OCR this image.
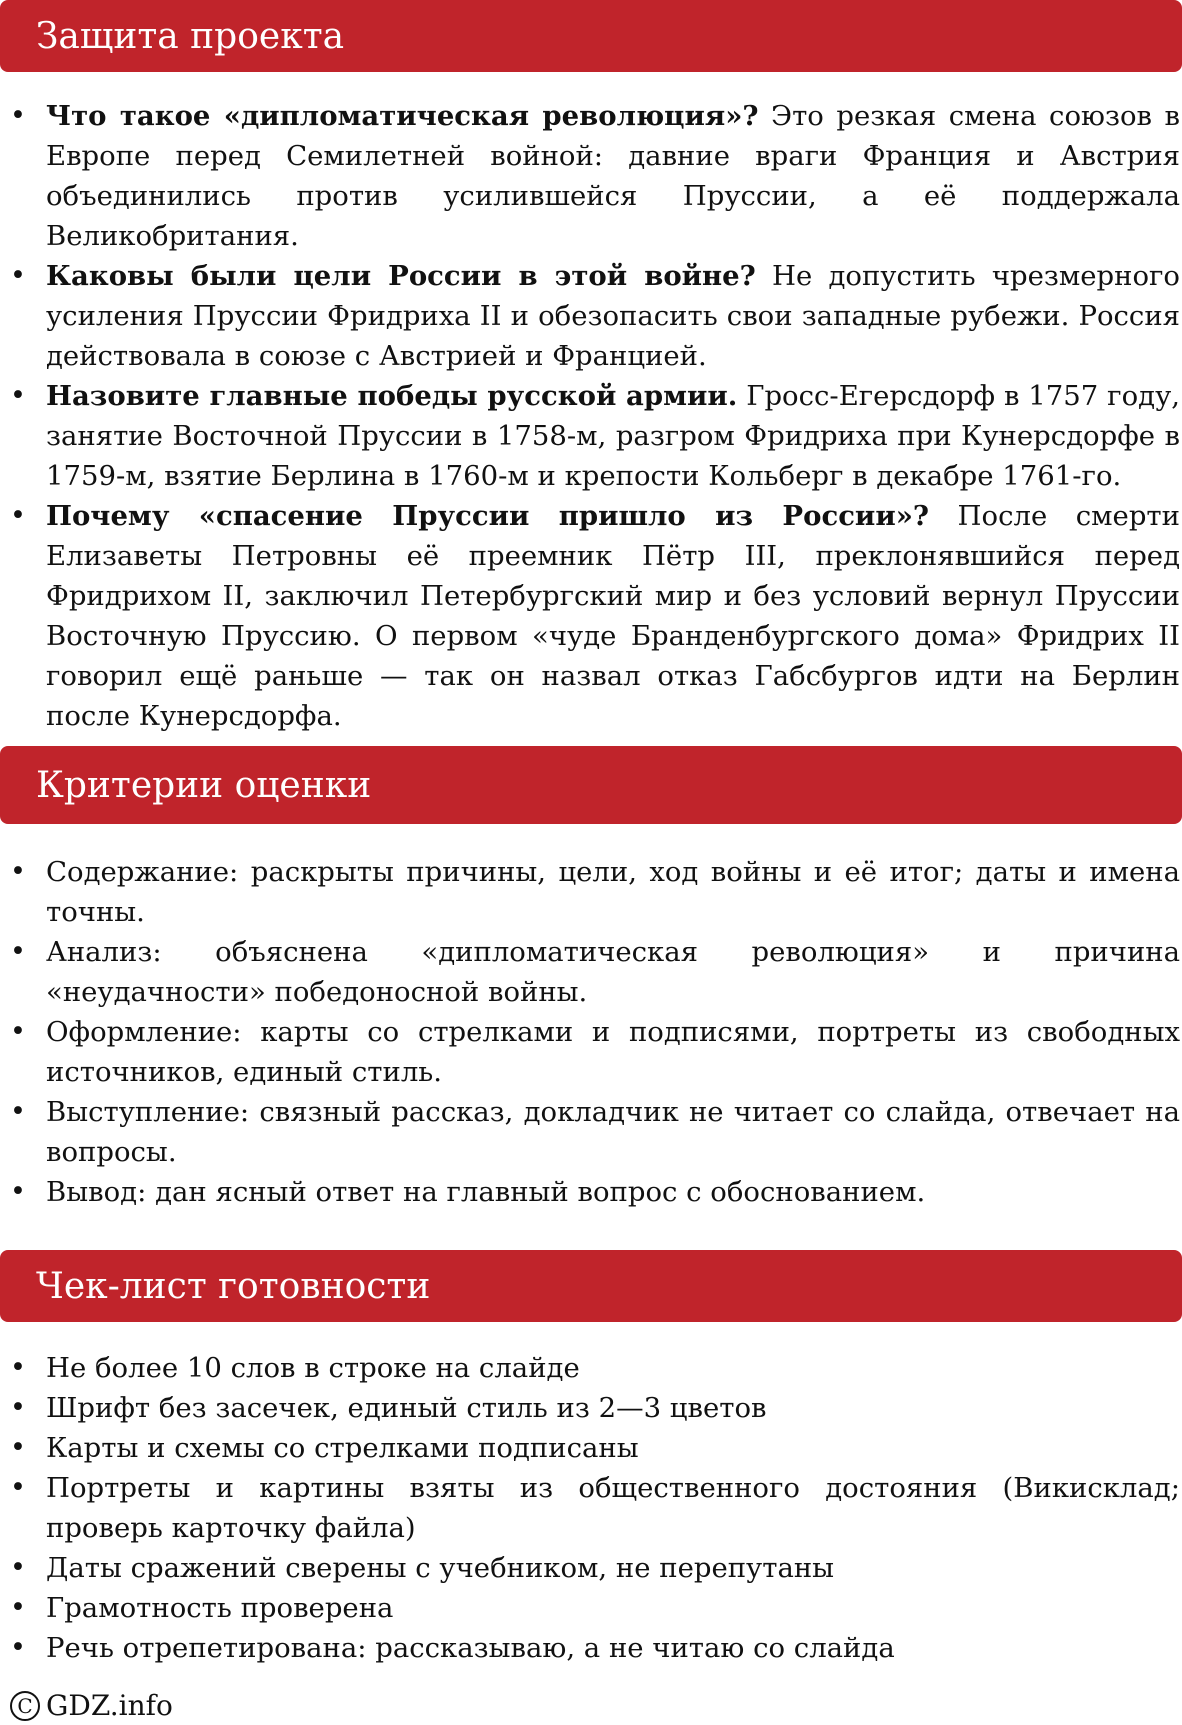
Защита проекта
• Что такое «дипломатическая революция»? Это резкая смена союзов в Европе перед Семилетней войной: давние враги Франция и Австрия объединились против усилившейся Пруссии, а её поддержала Великобритания.
• Каковы были цели России в этой войне? Не допустить чрезмерного усиления Пруссии Фридриха II и обезопасить свои западные рубежи. Россия действовала в союзе с Австрией и Францией.
• Назовите главные победы русской армии. Гросс-Егерсдорф в 1757 году, занятие Восточной Пруссии в 1758-м, разгром Фридриха при Кунерсдорфе в 1759-м, взятие Берлина в 1760-м и крепости Кольберг в декабре 1761-го.
• Почему «спасение Пруссии пришло из России»? После смерти Елизаветы Петровны её преемник Пётр III, преклонявшийся перед Фридрихом II, заключил Петербургский мир и без условий вернул Пруссии Восточную Пруссию. О первом «чуде Бранденбургского дома» Фридрих II говорил ещё раньше — так он назвал отказ Габсбургов идти на Берлин после Кунерсдорфа.
Критерии оценки
• Содержание: раскрыты причины, цели, ход войны и её итог; даты и имена точны.
• Анализ: объяснена «дипломатическая революция» и причина «неудачности» победоносной войны.
• Оформление: карты со стрелками и подписями, портреты из свободных источников, единый стиль.
• Выступление: связный рассказ, докладчик не читает со слайда, отвечает на вопросы.
• Вывод: дан ясный ответ на главный вопрос с обоснованием.
Чек-лист готовности
• Не более 10 слов в строке на слайде
• Шрифт без засечек, единый стиль из 2—3 цветов
• Карты и схемы со стрелками подписаны
• Портреты и картины взяты из общественного достояния (Викисклад; проверь карточку файла)
• Даты сражений сверены с учебником, не перепутаны
• Грамотность проверена
• Речь отрепетирована: рассказываю, а не читаю со слайда
C GDZ.info
